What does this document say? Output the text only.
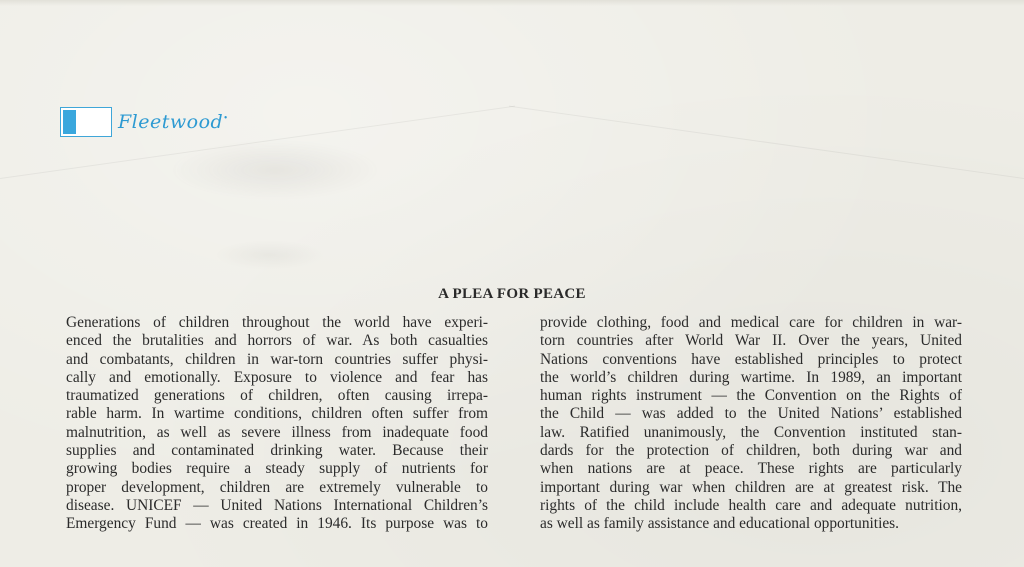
Fleetwood•
A PLEA FOR PEACE
Generations of children throughout the world have experi-
enced the brutalities and horrors of war. As both casualties
and combatants, children in war-torn countries suffer physi-
cally and emotionally. Exposure to violence and fear has
traumatized generations of children, often causing irrepa-
rable harm. In wartime conditions, children often suffer from
malnutrition, as well as severe illness from inadequate food
supplies and contaminated drinking water. Because their
growing bodies require a steady supply of nutrients for
proper development, children are extremely vulnerable to
disease. UNICEF — United Nations International Children’s
Emergency Fund — was created in 1946. Its purpose was to
provide clothing, food and medical care for children in war-
torn countries after World War II. Over the years, United
Nations conventions have established principles to protect
the world’s children during wartime. In 1989, an important
human rights instrument — the Convention on the Rights of
the Child — was added to the United Nations’ established
law. Ratified unanimously, the Convention instituted stan-
dards for the protection of children, both during war and
when nations are at peace. These rights are particularly
important during war when children are at greatest risk. The
rights of the child include health care and adequate nutrition,
as well as family assistance and educational opportunities.
